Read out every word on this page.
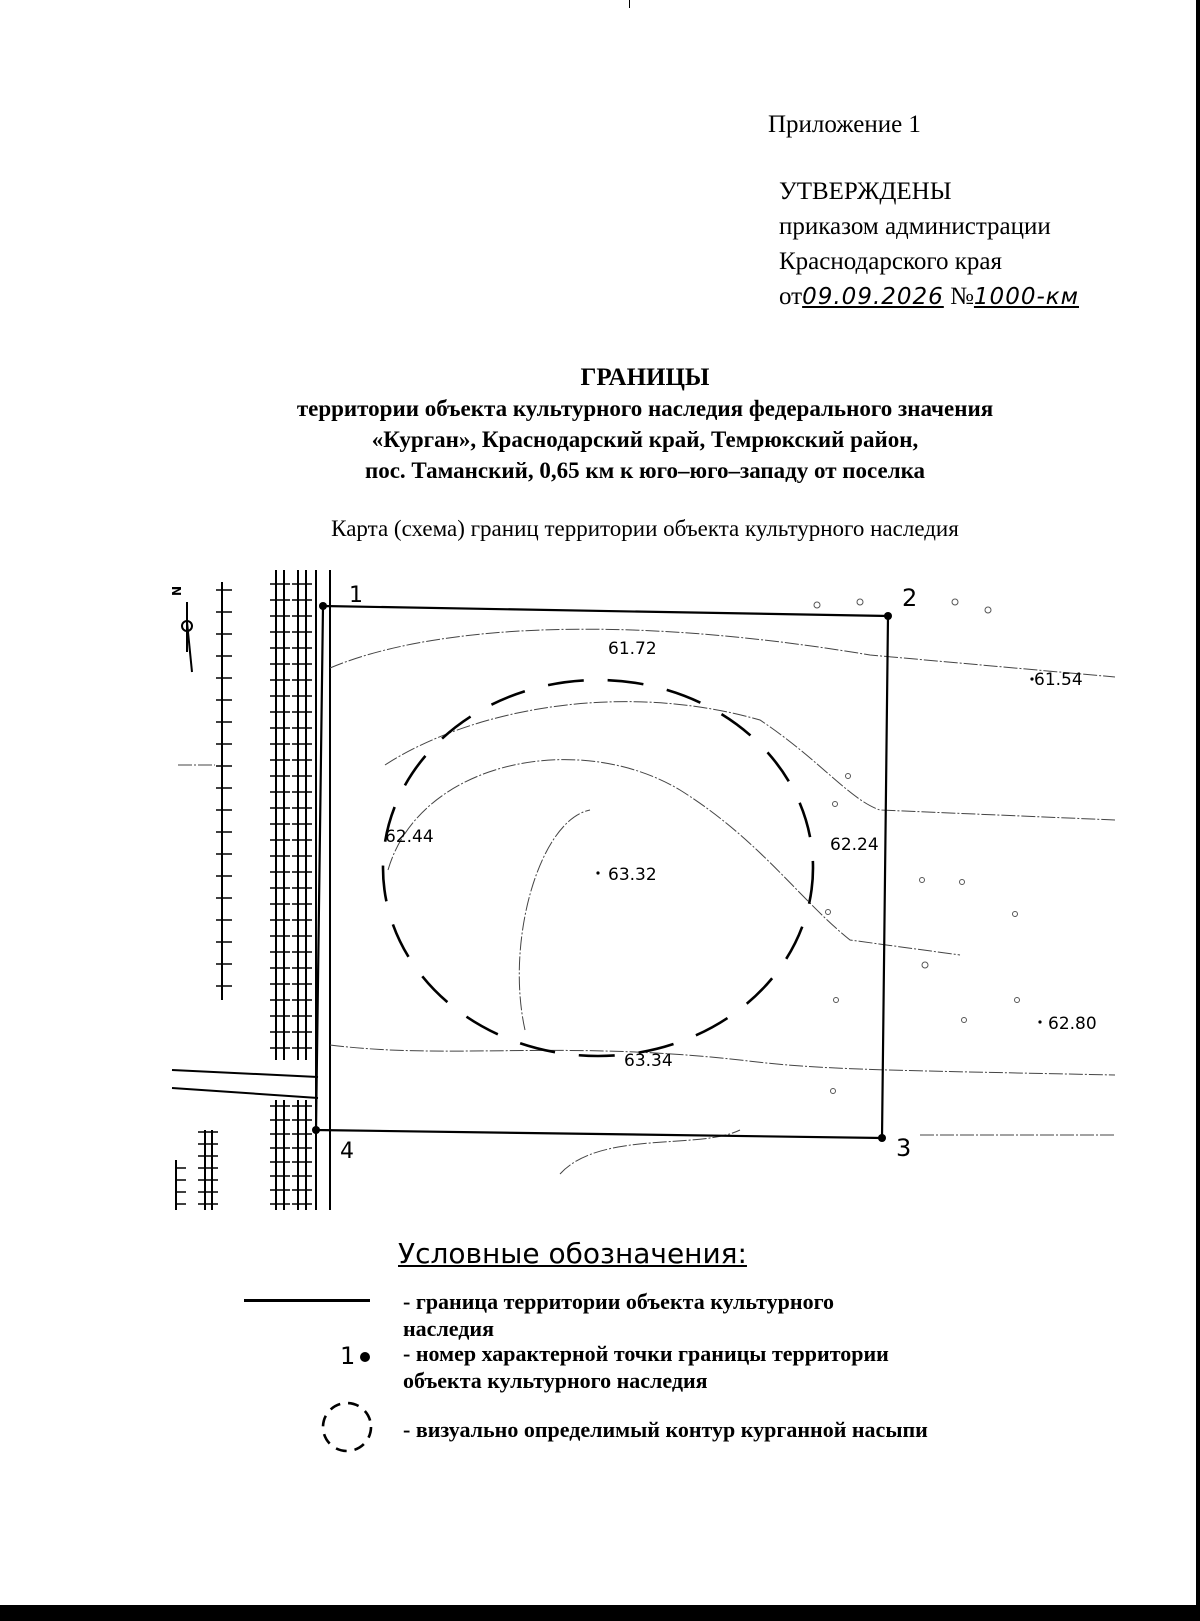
Приложение 1
УТВЕРЖДЕНЫ
приказом администрации
Краснодарского края
от09.09.2026 №1000-км
ГРАНИЦЫ
территории объекта культурного наследия федерального значения
«Курган», Краснодарский край, Темрюкский район,
пос. Таманский, 0,65 км к юго–юго–западу от поселка
Карта (схема) границ территории объекта культурного наследия
N	1	2
3
4
61.72
61.54
62.44	62.24
63.32
62.80
63.34
Условные обозначения:
- граница территории объекта культурного
наследия
1	- номер характерной точки границы территории
объекта культурного наследия
- визуально определимый контур курганной насыпи
